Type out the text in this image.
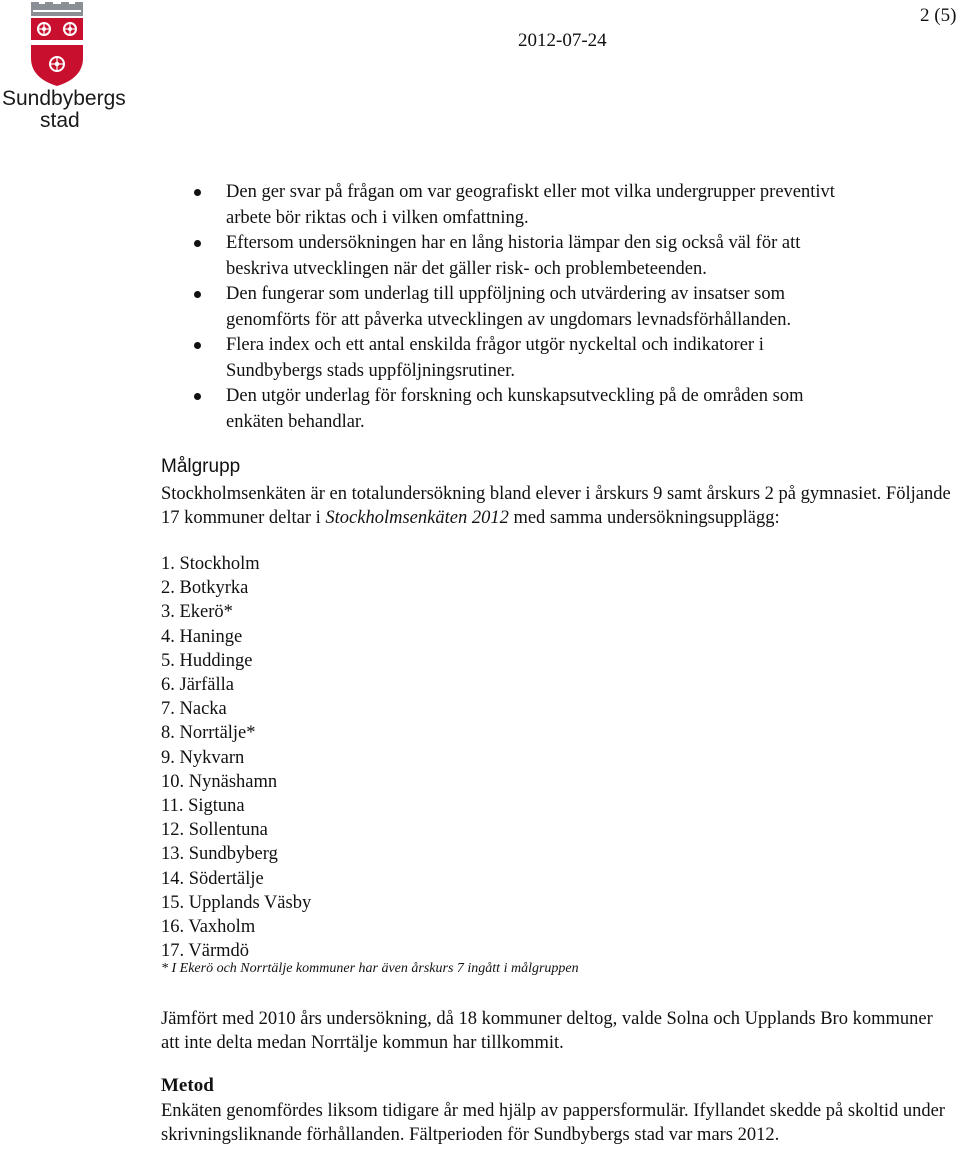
Sundbybergs
stad
2012-07-24
2 (5)
Den ger svar på frågan om var geografiskt eller mot vilka undergrupper preventivt arbete bör riktas och i vilken omfattning.
Eftersom undersökningen har en lång historia lämpar den sig också väl för att beskriva utvecklingen när det gäller risk- och problembeteenden.
Den fungerar som underlag till uppföljning och utvärdering av insatser som genomförts för att påverka utvecklingen av ungdomars levnadsförhållanden.
Flera index och ett antal enskilda frågor utgör nyckeltal och indikatorer i Sundbybergs stads uppföljningsrutiner.
Den utgör underlag för forskning och kunskapsutveckling på de områden som enkäten behandlar.
Målgrupp
Stockholmsenkäten är en totalundersökning bland elever i årskurs 9 samt årskurs 2 på gymnasiet. Följande 17 kommuner deltar i Stockholmsenkäten 2012 med samma undersökningsupplägg:
1. Stockholm
2. Botkyrka
3. Ekerö*
4. Haninge
5. Huddinge
6. Järfälla
7. Nacka
8. Norrtälje*
9. Nykvarn
10. Nynäshamn
11. Sigtuna
12. Sollentuna
13. Sundbyberg
14. Södertälje
15. Upplands Väsby
16. Vaxholm
17. Värmdö
* I Ekerö och Norrtälje kommuner har även årskurs 7 ingått i målgruppen
Jämfört med 2010 års undersökning, då 18 kommuner deltog, valde Solna och Upplands Bro kommuner att inte delta medan Norrtälje kommun har tillkommit.
Metod
Enkäten genomfördes liksom tidigare år med hjälp av pappersformulär. Ifyllandet skedde på skoltid under skrivningsliknande förhållanden. Fältperioden för Sundbybergs stad var mars 2012.
